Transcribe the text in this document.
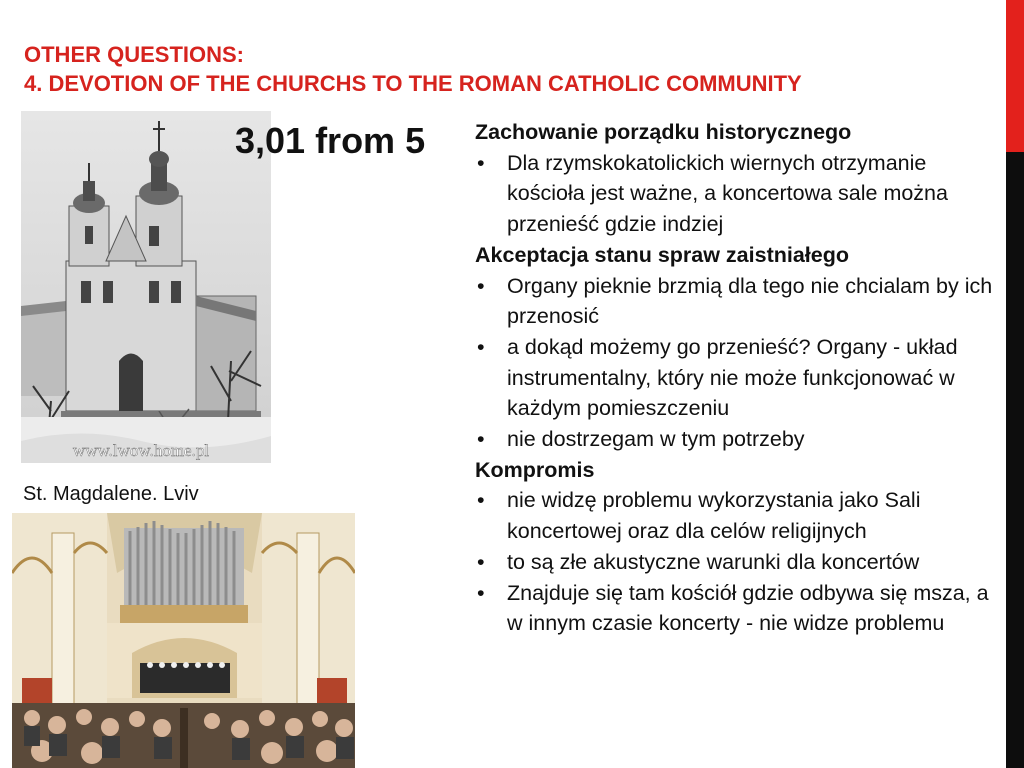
OTHER QUESTIONS:
4. DEVOTION OF THE CHURCHS TO THE ROMAN CATHOLIC COMMUNITY
www.lwow.home.pl
3,01 from 5
St. Magdalene. Lviv
Zachowanie porządku historycznego
• Dla rzymskokatolickich wiernych otrzymanie kościoła jest ważne, a koncertowa sale można przenieść gdzie indziej
Akceptacja stanu spraw zaistniałego
• Organy pieknie brzmią dla tego nie chcialam by ich przenosić
• a dokąd możemy go przenieść? Organy - układ instrumentalny, który nie może funkcjonować w każdym pomieszczeniu
• nie dostrzegam w tym potrzeby
Kompromis
• nie widzę problemu wykorzystania jako Sali koncertowej oraz dla celów religijnych
• to są złe akustyczne warunki dla koncertów
• Znajduje się tam kościół gdzie odbywa się msza, a w innym czasie koncerty - nie widze problemu
